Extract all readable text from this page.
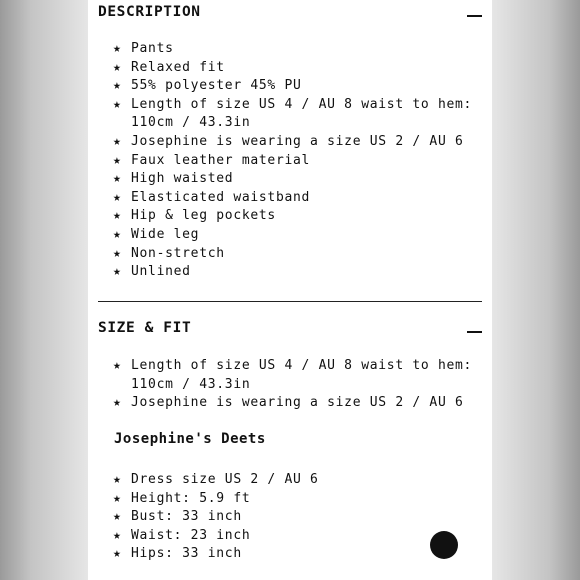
DESCRIPTION
★ Pants
★ Relaxed fit
★ 55% polyester 45% PU
★ Length of size US 4 / AU 8 waist to hem:
110cm / 43.3in
★ Josephine is wearing a size US 2 / AU 6
★ Faux leather material
★ High waisted
★ Elasticated waistband
★ Hip & leg pockets
★ Wide leg
★ Non-stretch
★ Unlined
SIZE & FIT
★ Length of size US 4 / AU 8 waist to hem:
110cm / 43.3in
★ Josephine is wearing a size US 2 / AU 6
Josephine's Deets
★ Dress size US 2 / AU 6
★ Height: 5.9 ft
★ Bust: 33 inch
★ Waist: 23 inch
★ Hips: 33 inch
